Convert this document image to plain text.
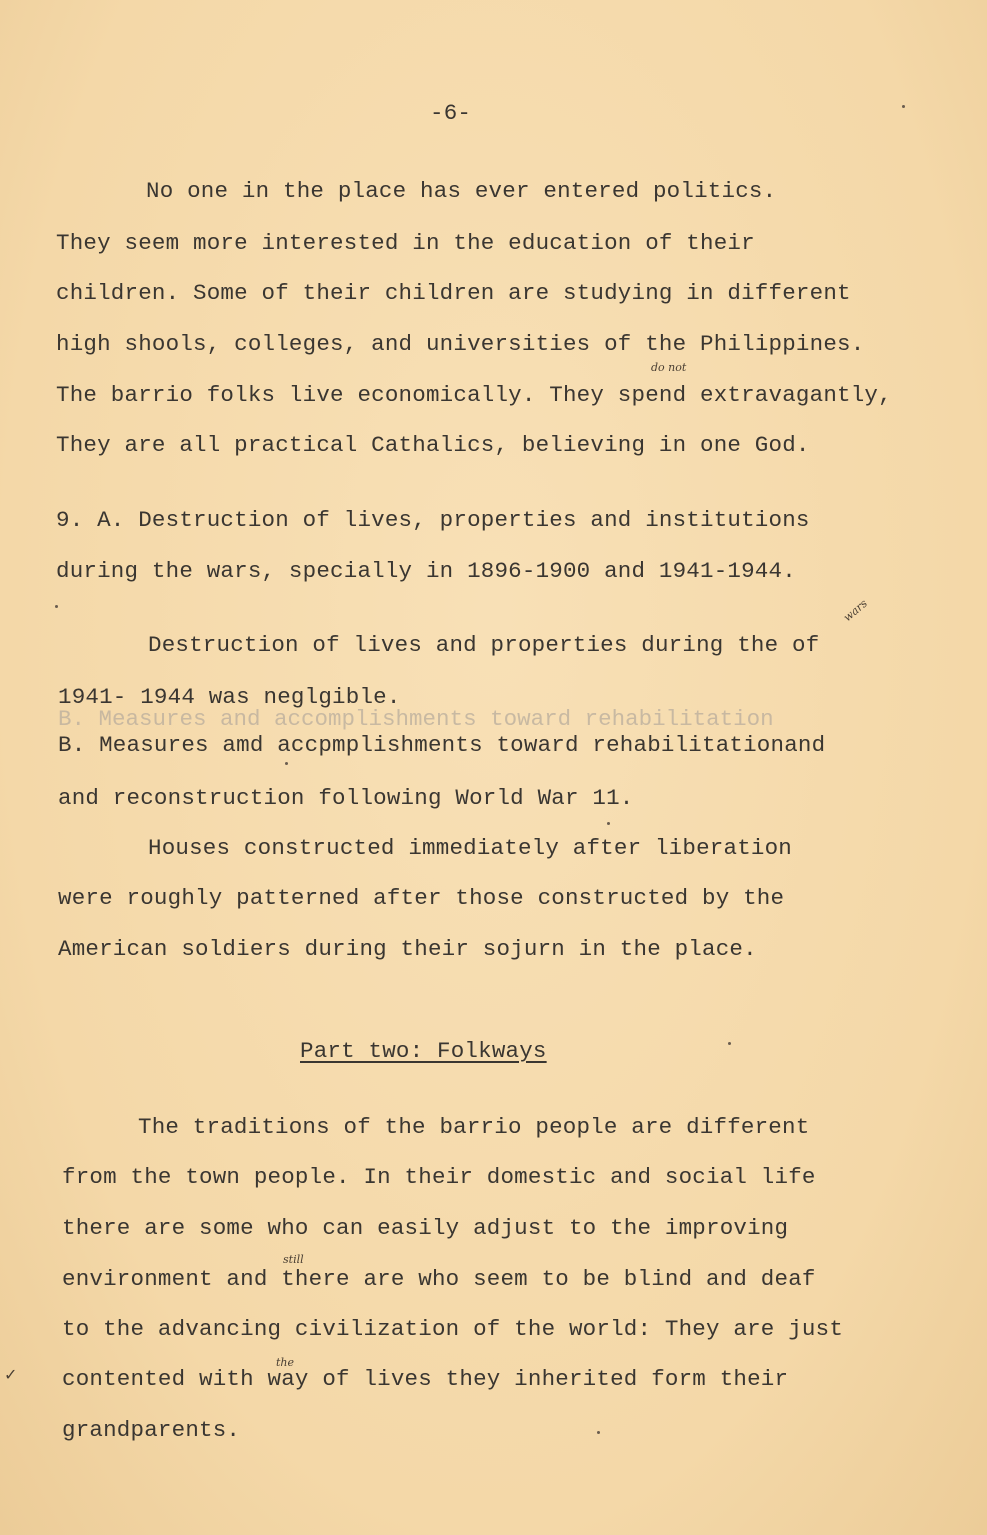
-6-
No one in the place has ever entered politics.
They seem more interested in the education of their
children. Some of their children are studying in different
high shools, colleges, and universities of the Philippines.
do not
The barrio folks live economically. They spend extravagantly,
They are all practical Cathalics, believing in one God.
9. A. Destruction of lives, properties and institutions
during the wars, specially in 1896-1900 and 1941-1944.
wars
Destruction of lives and properties during the of
1941- 1944 was neglgible.
B. Measures and accomplishments toward rehabilitation
B. Measures amd accpmplishments toward rehabilitationand
and reconstruction following World War 11.
Houses constructed immediately after liberation
were roughly patterned after those constructed by the
American soldiers during their sojurn in the place.
Part two: Folkways
The traditions of the barrio people are different
from the town people. In their domestic and social life
there are some who can easily adjust to the improving
still
environment and there are who seem to be blind and deaf
to the advancing civilization of the world: They are just
✓
the
contented with way of lives they inherited form their
grandparents.
